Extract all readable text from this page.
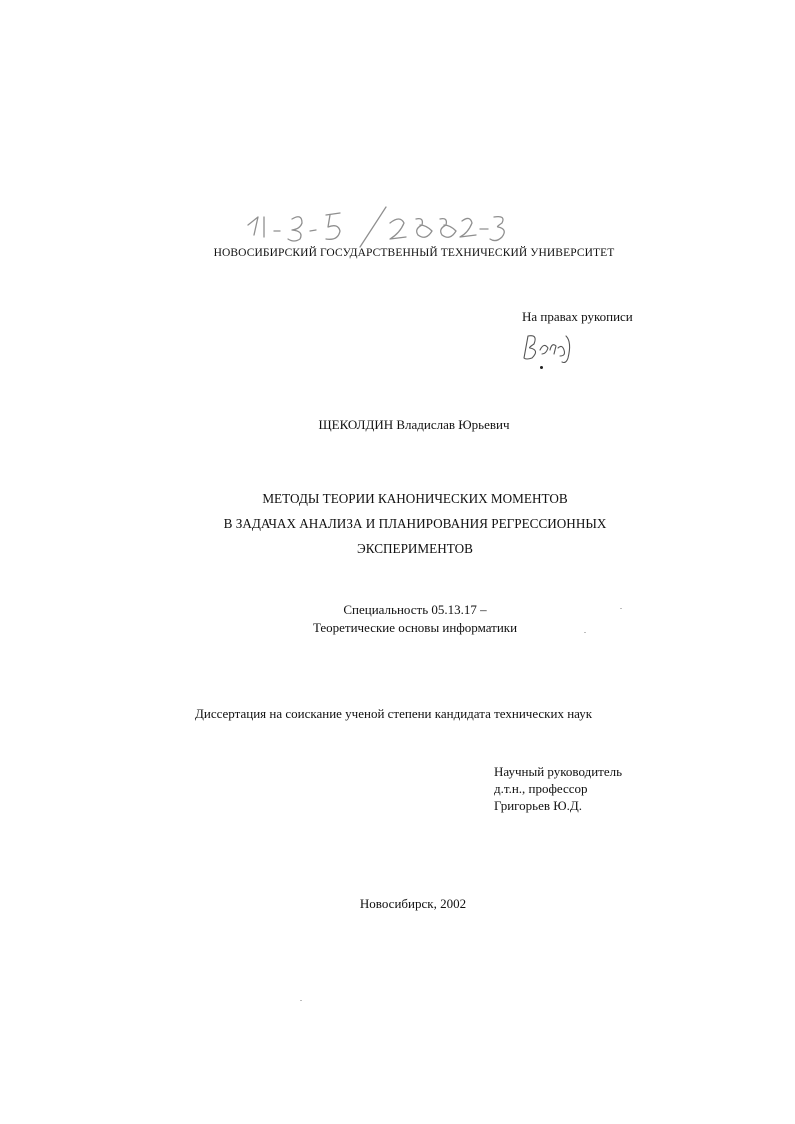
НОВОСИБИРСКИЙ ГОСУДАРСТВЕННЫЙ ТЕХНИЧЕСКИЙ УНИВЕРСИТЕТ
На правах рукописи
ЩЕКОЛДИН Владислав Юрьевич
МЕТОДЫ ТЕОРИИ КАНОНИЧЕСКИХ МОМЕНТОВ
В ЗАДАЧАХ АНАЛИЗА И ПЛАНИРОВАНИЯ РЕГРЕССИОННЫХ
ЭКСПЕРИМЕНТОВ
Специальность 05.13.17 –
Теоретические основы информатики
Диссертация на соискание ученой степени кандидата технических наук
Научный руководитель
д.т.н., профессор
Григорьев Ю.Д.
Новосибирск, 2002
